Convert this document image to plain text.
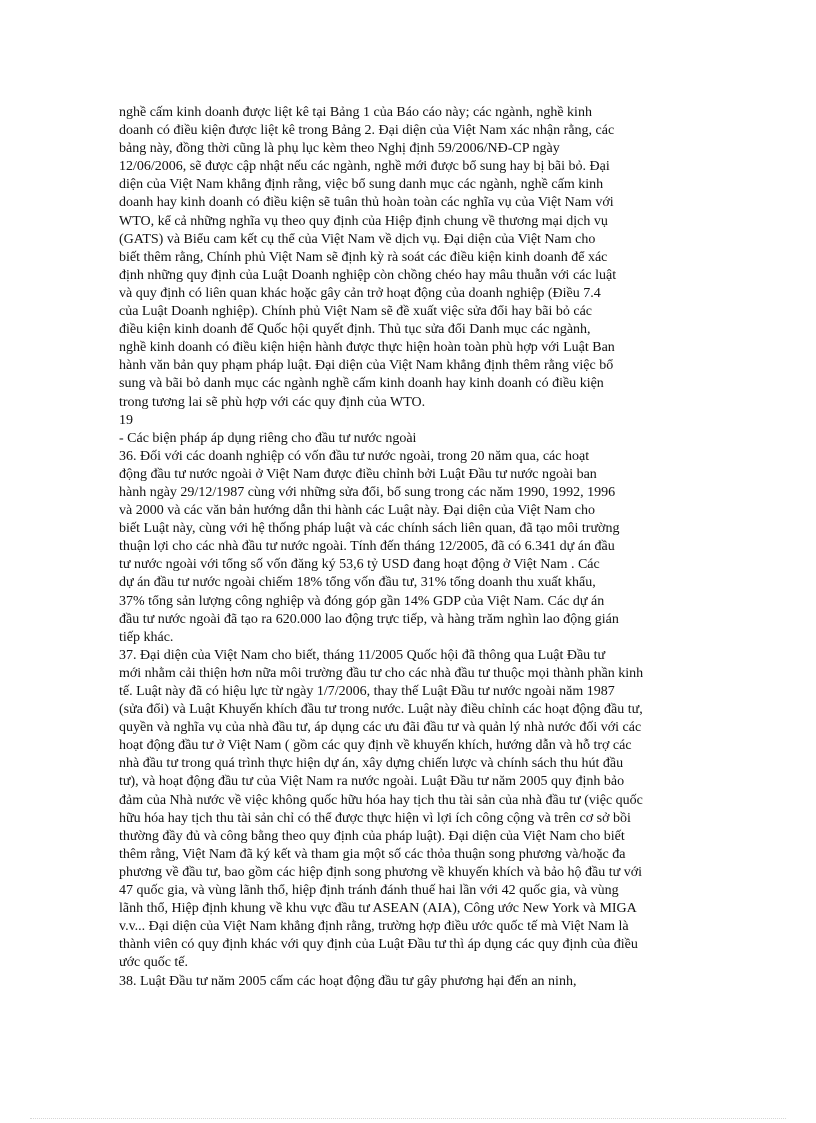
nghề cấm kinh doanh được liệt kê tại Bảng 1 của Báo cáo này; các ngành, nghề kinh
doanh có điều kiện được liệt kê trong Bảng 2. Đại diện của Việt Nam xác nhận rằng, các
bảng này, đồng thời cũng là phụ lục kèm theo Nghị định 59/2006/NĐ-CP ngày
12/06/2006, sẽ được cập nhật nếu các ngành, nghề mới được bổ sung hay bị bãi bỏ. Đại
diện của Việt Nam khẳng định rằng, việc bổ sung danh mục các ngành, nghề cấm kinh
doanh hay kinh doanh có điều kiện sẽ tuân thủ hoàn toàn các nghĩa vụ của Việt Nam với
WTO, kể cả những nghĩa vụ theo quy định của Hiệp định chung về thương mại dịch vụ
(GATS) và Biểu cam kết cụ thể của Việt Nam về dịch vụ. Đại diện của Việt Nam cho
biết thêm rằng, Chính phủ Việt Nam sẽ định kỳ rà soát các điều kiện kinh doanh để xác
định những quy định của Luật Doanh nghiệp còn chồng chéo hay mâu thuẫn với các luật
và quy định có liên quan khác hoặc gây cản trở hoạt động của doanh nghiệp (Điều 7.4
của Luật Doanh nghiệp). Chính phủ Việt Nam sẽ đề xuất việc sửa đổi hay bãi bỏ các
điều kiện kinh doanh để Quốc hội quyết định. Thủ tục sửa đổi Danh mục các ngành,
nghề kinh doanh có điều kiện hiện hành được thực hiện hoàn toàn phù hợp với Luật Ban
hành văn bản quy phạm pháp luật. Đại diện của Việt Nam khẳng định thêm rằng việc bổ
sung và bãi bỏ danh mục các ngành nghề cấm kinh doanh hay kinh doanh có điều kiện
trong tương lai sẽ phù hợp với các quy định của WTO.
19
- Các biện pháp áp dụng riêng cho đầu tư nước ngoài
36. Đối với các doanh nghiệp có vốn đầu tư nước ngoài, trong 20 năm qua, các hoạt
động đầu tư nước ngoài ở Việt Nam được điều chỉnh bởi Luật Đầu tư nước ngoài ban
hành ngày 29/12/1987 cùng với những sửa đổi, bổ sung trong các năm 1990, 1992, 1996
và 2000 và các văn bản hướng dẫn thi hành các Luật này. Đại diện của Việt Nam cho
biết Luật này, cùng với hệ thống pháp luật và các chính sách liên quan, đã tạo môi trường
thuận lợi cho các nhà đầu tư nước ngoài. Tính đến tháng 12/2005, đã có 6.341 dự án đầu
tư nước ngoài với tổng số vốn đăng ký 53,6 tỷ USD đang hoạt động ở Việt Nam . Các
dự án đầu tư nước ngoài chiếm 18% tổng vốn đầu tư, 31% tổng doanh thu xuất khẩu,
37% tổng sản lượng công nghiệp và đóng góp gần 14% GDP của Việt Nam. Các dự án
đầu tư nước ngoài đã tạo ra 620.000 lao động trực tiếp, và hàng trăm nghìn lao động gián
tiếp khác.
37. Đại diện của Việt Nam cho biết, tháng 11/2005 Quốc hội đã thông qua Luật Đầu tư
mới nhằm cải thiện hơn nữa môi trường đầu tư cho các nhà đầu tư thuộc mọi thành phần kinh
tế. Luật này đã có hiệu lực từ ngày 1/7/2006, thay thế Luật Đầu tư nước ngoài năm 1987
(sửa đổi) và Luật Khuyến khích đầu tư trong nước. Luật này điều chỉnh các hoạt động đầu tư,
quyền và nghĩa vụ của nhà đầu tư, áp dụng các ưu đãi đầu tư và quản lý nhà nước đối với các
hoạt động đầu tư ở Việt Nam ( gồm các quy định về khuyến khích, hướng dẫn và hỗ trợ các
nhà đầu tư trong quá trình thực hiện dự án, xây dựng chiến lược và chính sách thu hút đầu
tư), và hoạt động đầu tư của Việt Nam ra nước ngoài. Luật Đầu tư năm 2005 quy định bảo
đảm của Nhà nước về việc không quốc hữu hóa hay tịch thu tài sản của nhà đầu tư (việc quốc
hữu hóa hay tịch thu tài sản chỉ có thể được thực hiện vì lợi ích công cộng và trên cơ sở bồi
thường đầy đủ và công bằng theo quy định của pháp luật). Đại diện của Việt Nam cho biết
thêm rằng, Việt Nam đã ký kết và tham gia một số các thỏa thuận song phương và/hoặc đa
phương về đầu tư, bao gồm các hiệp định song phương về khuyến khích và bảo hộ đầu tư với
47 quốc gia, và vùng lãnh thổ, hiệp định tránh đánh thuế hai lần với 42 quốc gia, và vùng
lãnh thổ, Hiệp định khung về khu vực đầu tư ASEAN (AIA), Công ước New York và MIGA
v.v... Đại diện của Việt Nam khẳng định rằng, trường hợp điều ước quốc tế mà Việt Nam là
thành viên có quy định khác với quy định của Luật Đầu tư thì áp dụng các quy định của điều
ước quốc tế.
38. Luật Đầu tư năm 2005 cấm các hoạt động đầu tư gây phương hại đến an ninh,
